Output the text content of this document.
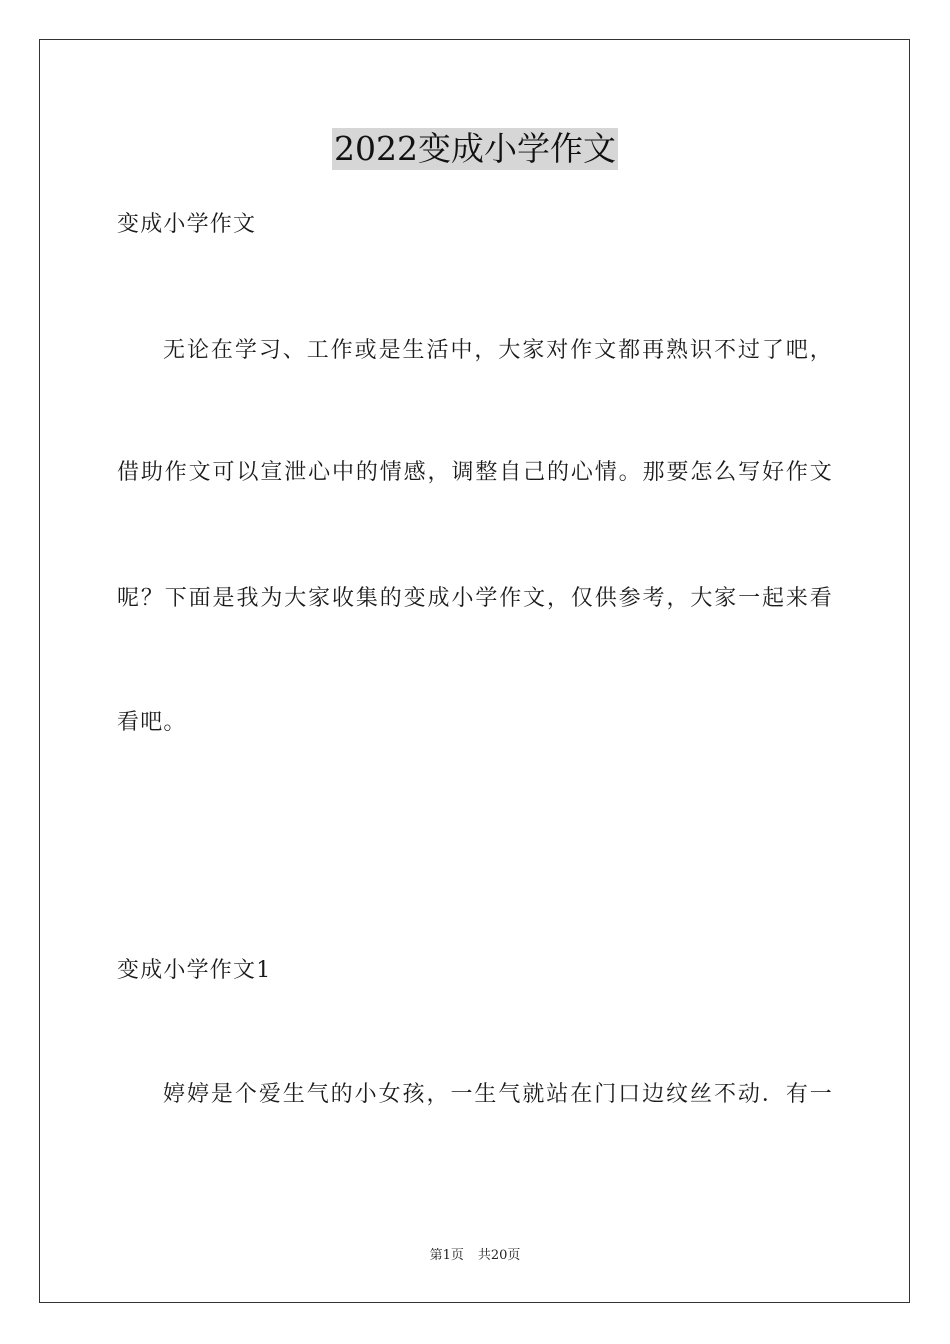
2022变成小学作文
变成小学作文
无论在学习、工作或是生活中，大家对作文都再熟识不过了吧，
借助作文可以宣泄心中的情感，调整自己的心情。那要怎么写好作文
呢？下面是我为大家收集的变成小学作文，仅供参考，大家一起来看
看吧。
变成小学作文1
婷婷是个爱生气的小女孩，一生气就站在门口边纹丝不动．有一
第1页 共20页
